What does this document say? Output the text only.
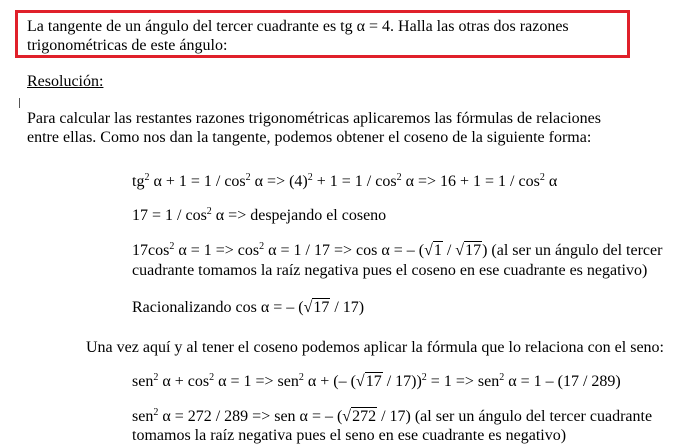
La tangente de un ángulo del tercer cuadrante es tg α = 4. Halla las otras dos razones trigonométricas de este ángulo:

Resolución:
Para calcular las restantes razones trigonométricas aplicaremos las fórmulas de relaciones
entre ellas. Como nos dan la tangente, podemos obtener el coseno de la siguiente forma:
$tg^2$ $\alpha + 1 = 1 / \cos^2 \alpha => (4)^2 + 1 = 1 / \cos^2 \alpha => 16 + 1 = 1 / \cos^2 \alpha$
$17 = 1 / \cos^2 \alpha$ => despejando el coseno
$17\cos^2$ $\alpha = 1 => \cos^2 \alpha = 1 / 17 => \cos \alpha$ = – (√1 / √17) (al ser un ángulo del tercer
cuadrante tomamos la raíz negativa pues el coseno en ese cuadrante es negativo)
Racionalizando cos α = – (√17 / 17)
Una vez aquí y al tener el coseno podemos aplicar la fórmula que lo relaciona con el seno:
sen$^2$ $\alpha + \cos^2 \alpha = 1 => sen^2$ α + (– (√17 / 17))$^2$ = 1 => sen$^2$ α = 1 – (17 / 289)
sen$^2$ α = 272 / 289 => sen α = – (√272 / 17) (al ser un ángulo del tercer cuadrante
tomamos la raíz negativa pues el seno en ese cuadrante es negativo)
